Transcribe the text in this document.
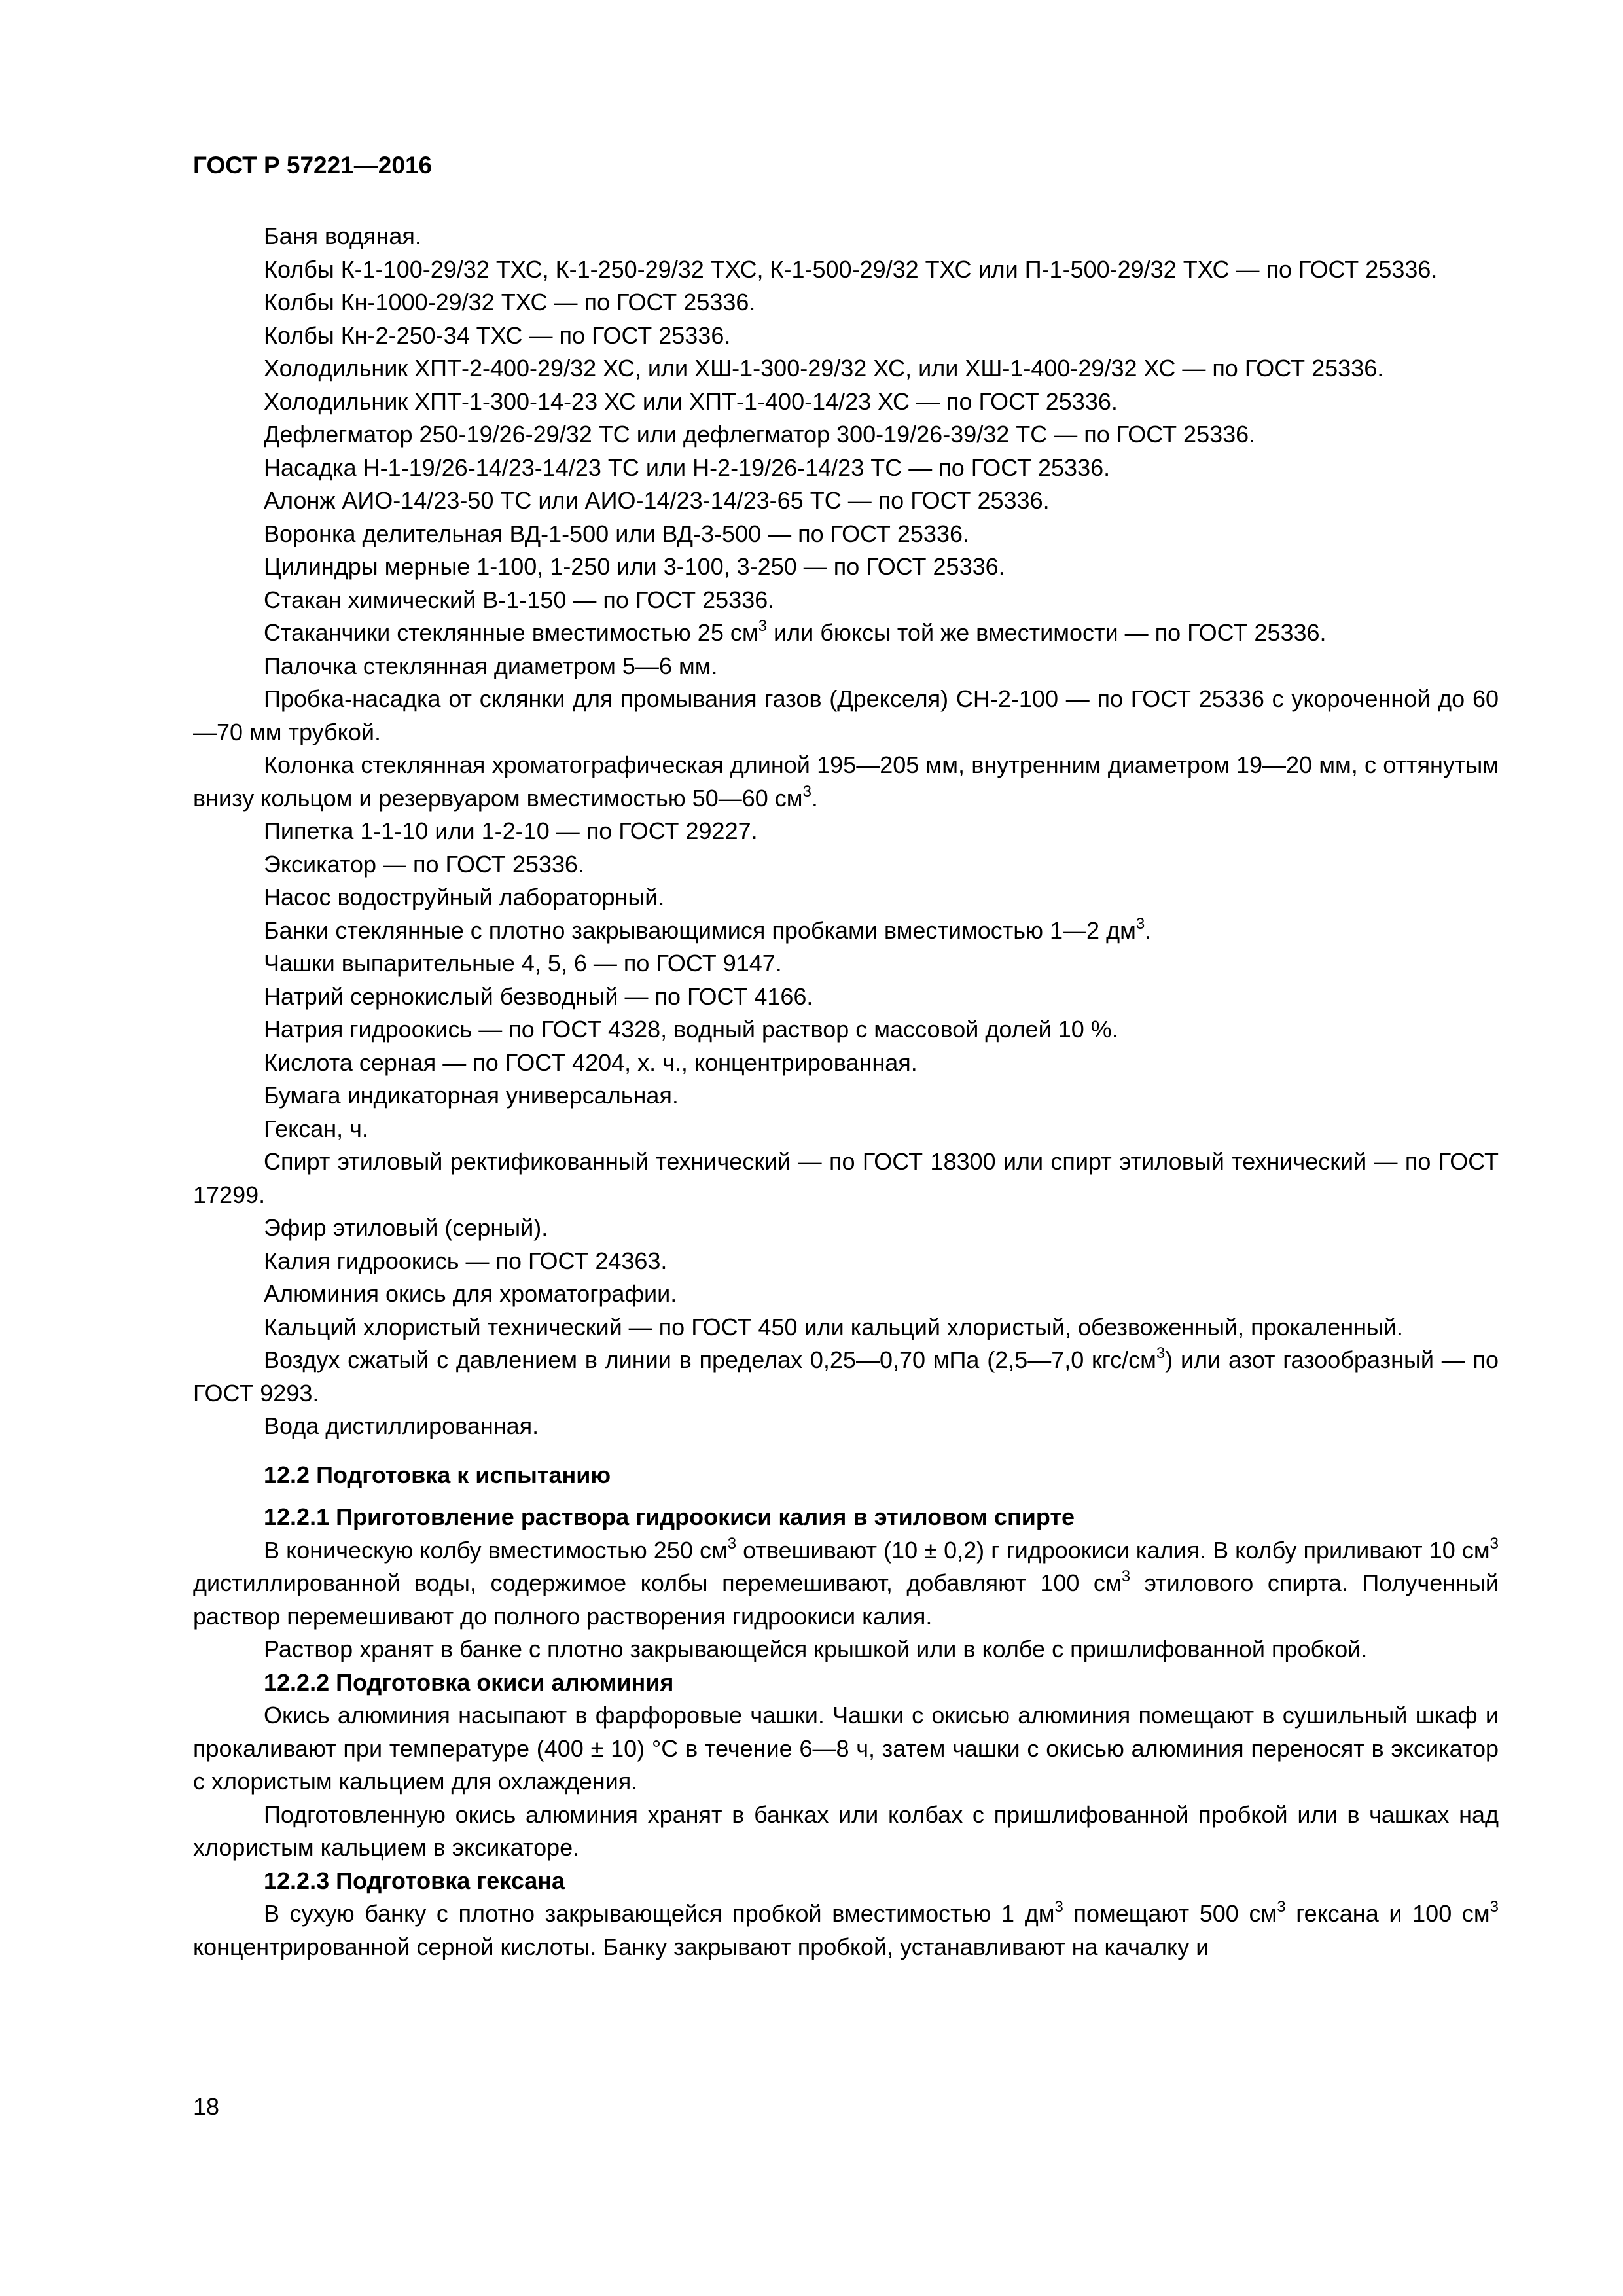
ГОСТ Р 57221—2016

Баня водяная.

Колбы К-1-100-29/32 ТХС, К-1-250-29/32 ТХС, К-1-500-29/32 ТХС или П-1-500-29/32 ТХС — по ГОСТ 25336.

Колбы Кн-1000-29/32 ТХС — по ГОСТ 25336.

Колбы Кн-2-250-34 ТХС — по ГОСТ 25336.

Холодильник ХПТ-2-400-29/32 ХС, или ХШ-1-300-29/32 ХС, или ХШ-1-400-29/32 ХС — по ГОСТ 25336.

Холодильник ХПТ-1-300-14-23 ХС или ХПТ-1-400-14/23 ХС — по ГОСТ 25336.

Дефлегматор 250-19/26-29/32 ТС или дефлегматор 300-19/26-39/32 ТС — по ГОСТ 25336.

Насадка Н-1-19/26-14/23-14/23 ТС или Н-2-19/26-14/23 ТС — по ГОСТ 25336.

Алонж АИО-14/23-50 ТС или АИО-14/23-14/23-65 ТС — по ГОСТ 25336.

Воронка делительная ВД-1-500 или ВД-3-500 — по ГОСТ 25336.

Цилиндры мерные 1-100, 1-250 или 3-100, 3-250 — по ГОСТ 25336.

Стакан химический В-1-150 — по ГОСТ 25336.

Стаканчики стеклянные вместимостью 25 $см^3$ или бюксы той же вместимости — по ГОСТ 25336.

Палочка стеклянная диаметром 5—6 мм.

Пробка-насадка от склянки для промывания газов (Дрекселя) СН-2-100 — по ГОСТ 25336 с укороченной до 60—70 мм трубкой.

Колонка стеклянная хроматографическая длиной 195—205 мм, внутренним диаметром 19—20 мм, с оттянутым внизу кольцом и резервуаром вместимостью 50—60 $см^3$.

Пипетка 1-1-10 или 1-2-10 — по ГОСТ 29227.

Эксикатор — по ГОСТ 25336.

Насос водоструйный лабораторный.

Банки стеклянные с плотно закрывающимися пробками вместимостью 1—2 $дм^3$.

Чашки выпарительные 4, 5, 6 — по ГОСТ 9147.

Натрий сернокислый безводный — по ГОСТ 4166.

Натрия гидроокись — по ГОСТ 4328, водный раствор с массовой долей 10 %.

Кислота серная — по ГОСТ 4204, х. ч., концентрированная.

Бумага индикаторная универсальная.

Гексан, ч.

Спирт этиловый ректификованный технический — по ГОСТ 18300 или спирт этиловый технический — по ГОСТ 17299.

Эфир этиловый (серный).

Калия гидроокись — по ГОСТ 24363.

Алюминия окись для хроматографии.

Кальций хлористый технический — по ГОСТ 450 или кальций хлористый, обезвоженный, прокаленный.

Воздух сжатый с давлением в линии в пределах 0,25—0,70 мПа (2,5—7,0 кгс/$см^3$) или азот газообразный — по ГОСТ 9293.

Вода дистиллированная.

12.2 Подготовка к испытанию

12.2.1 Приготовление раствора гидроокиси калия в этиловом спирте

В коническую колбу вместимостью 250 $см^3$ отвешивают (10 ± 0,2) г гидроокиси калия. В колбу приливают 10 $см^3$ дистиллированной воды, содержимое колбы перемешивают, добавляют 100 $см^3$ этилового спирта. Полученный раствор перемешивают до полного растворения гидроокиси калия.

Раствор хранят в банке с плотно закрывающейся крышкой или в колбе с пришлифованной пробкой.

12.2.2 Подготовка окиси алюминия

Окись алюминия насыпают в фарфоровые чашки. Чашки с окисью алюминия помещают в сушильный шкаф и прокаливают при температуре (400 ± 10) °С в течение 6—8 ч, затем чашки с окисью алюминия переносят в эксикатор с хлористым кальцием для охлаждения.

Подготовленную окись алюминия хранят в банках или колбах с пришлифованной пробкой или в чашках над хлористым кальцием в эксикаторе.

12.2.3 Подготовка гексана

В сухую банку с плотно закрывающейся пробкой вместимостью 1 $дм^3$ помещают 500 $см^3$ гексана и 100 $см^3$ концентрированной серной кислоты. Банку закрывают пробкой, устанавливают на качалку и

18
